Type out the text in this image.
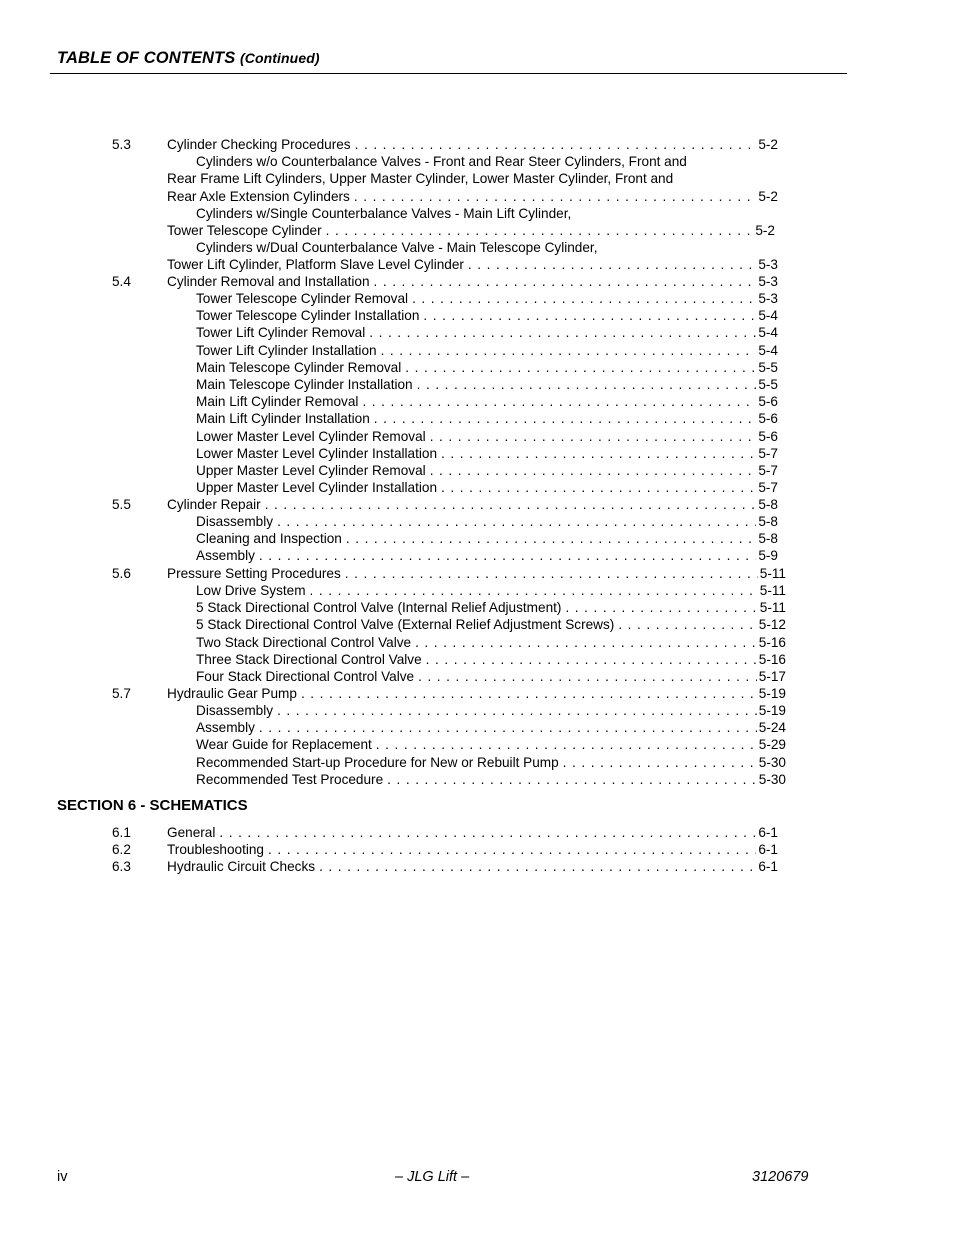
TABLE OF CONTENTS (Continued)
5.3	Cylinder Checking Procedures . . .	5-2
Cylinders w/o Counterbalance Valves - Front and Rear Steer Cylinders, Front and
Rear Frame Lift Cylinders, Upper Master Cylinder, Lower Master Cylinder, Front and
Rear Axle Extension Cylinders . . .	5-2
Cylinders w/Single Counterbalance Valves - Main Lift Cylinder,
Tower Telescope Cylinder . . .	5-2
Cylinders w/Dual Counterbalance Valve - Main Telescope Cylinder,
Tower Lift Cylinder, Platform Slave Level Cylinder . . .	5-3
5.4	Cylinder Removal and Installation . . .	5-3
Tower Telescope Cylinder Removal . . .	5-3
Tower Telescope Cylinder Installation . . .	5-4
Tower Lift Cylinder Removal . . .	5-4
Tower Lift Cylinder Installation . . .	5-4
Main Telescope Cylinder Removal . . .	5-5
Main Telescope Cylinder Installation . . .	5-5
Main Lift Cylinder Removal . . .	5-6
Main Lift Cylinder Installation . . .	5-6
Lower Master Level Cylinder Removal . . .	5-6
Lower Master Level Cylinder Installation . . .	5-7
Upper Master Level Cylinder Removal . . .	5-7
Upper Master Level Cylinder Installation . . .	5-7
5.5	Cylinder Repair . . .	5-8
Disassembly . . .	5-8
Cleaning and Inspection . . .	5-8
Assembly . . .	5-9
5.6	Pressure Setting Procedures . . .	5-11
Low Drive System . . .	5-11
5 Stack Directional Control Valve (Internal Relief Adjustment) . . .	5-11
5 Stack Directional Control Valve (External Relief Adjustment Screws) . . .	5-12
Two Stack Directional Control Valve . . .	5-16
Three Stack Directional Control Valve . . .	5-16
Four Stack Directional Control Valve . . .	5-17
5.7	Hydraulic Gear Pump . . .	5-19
Disassembly . . .	5-19
Assembly . . .	5-24
Wear Guide for Replacement . . .	5-29
Recommended Start-up Procedure for New or Rebuilt Pump . . .	5-30
Recommended Test Procedure . . .	5-30
SECTION 6 - SCHEMATICS
6.1	General . . .	6-1
6.2	Troubleshooting . . .	6-1
6.3	Hydraulic Circuit Checks . . .	6-1
iv	– JLG Lift –	3120679
